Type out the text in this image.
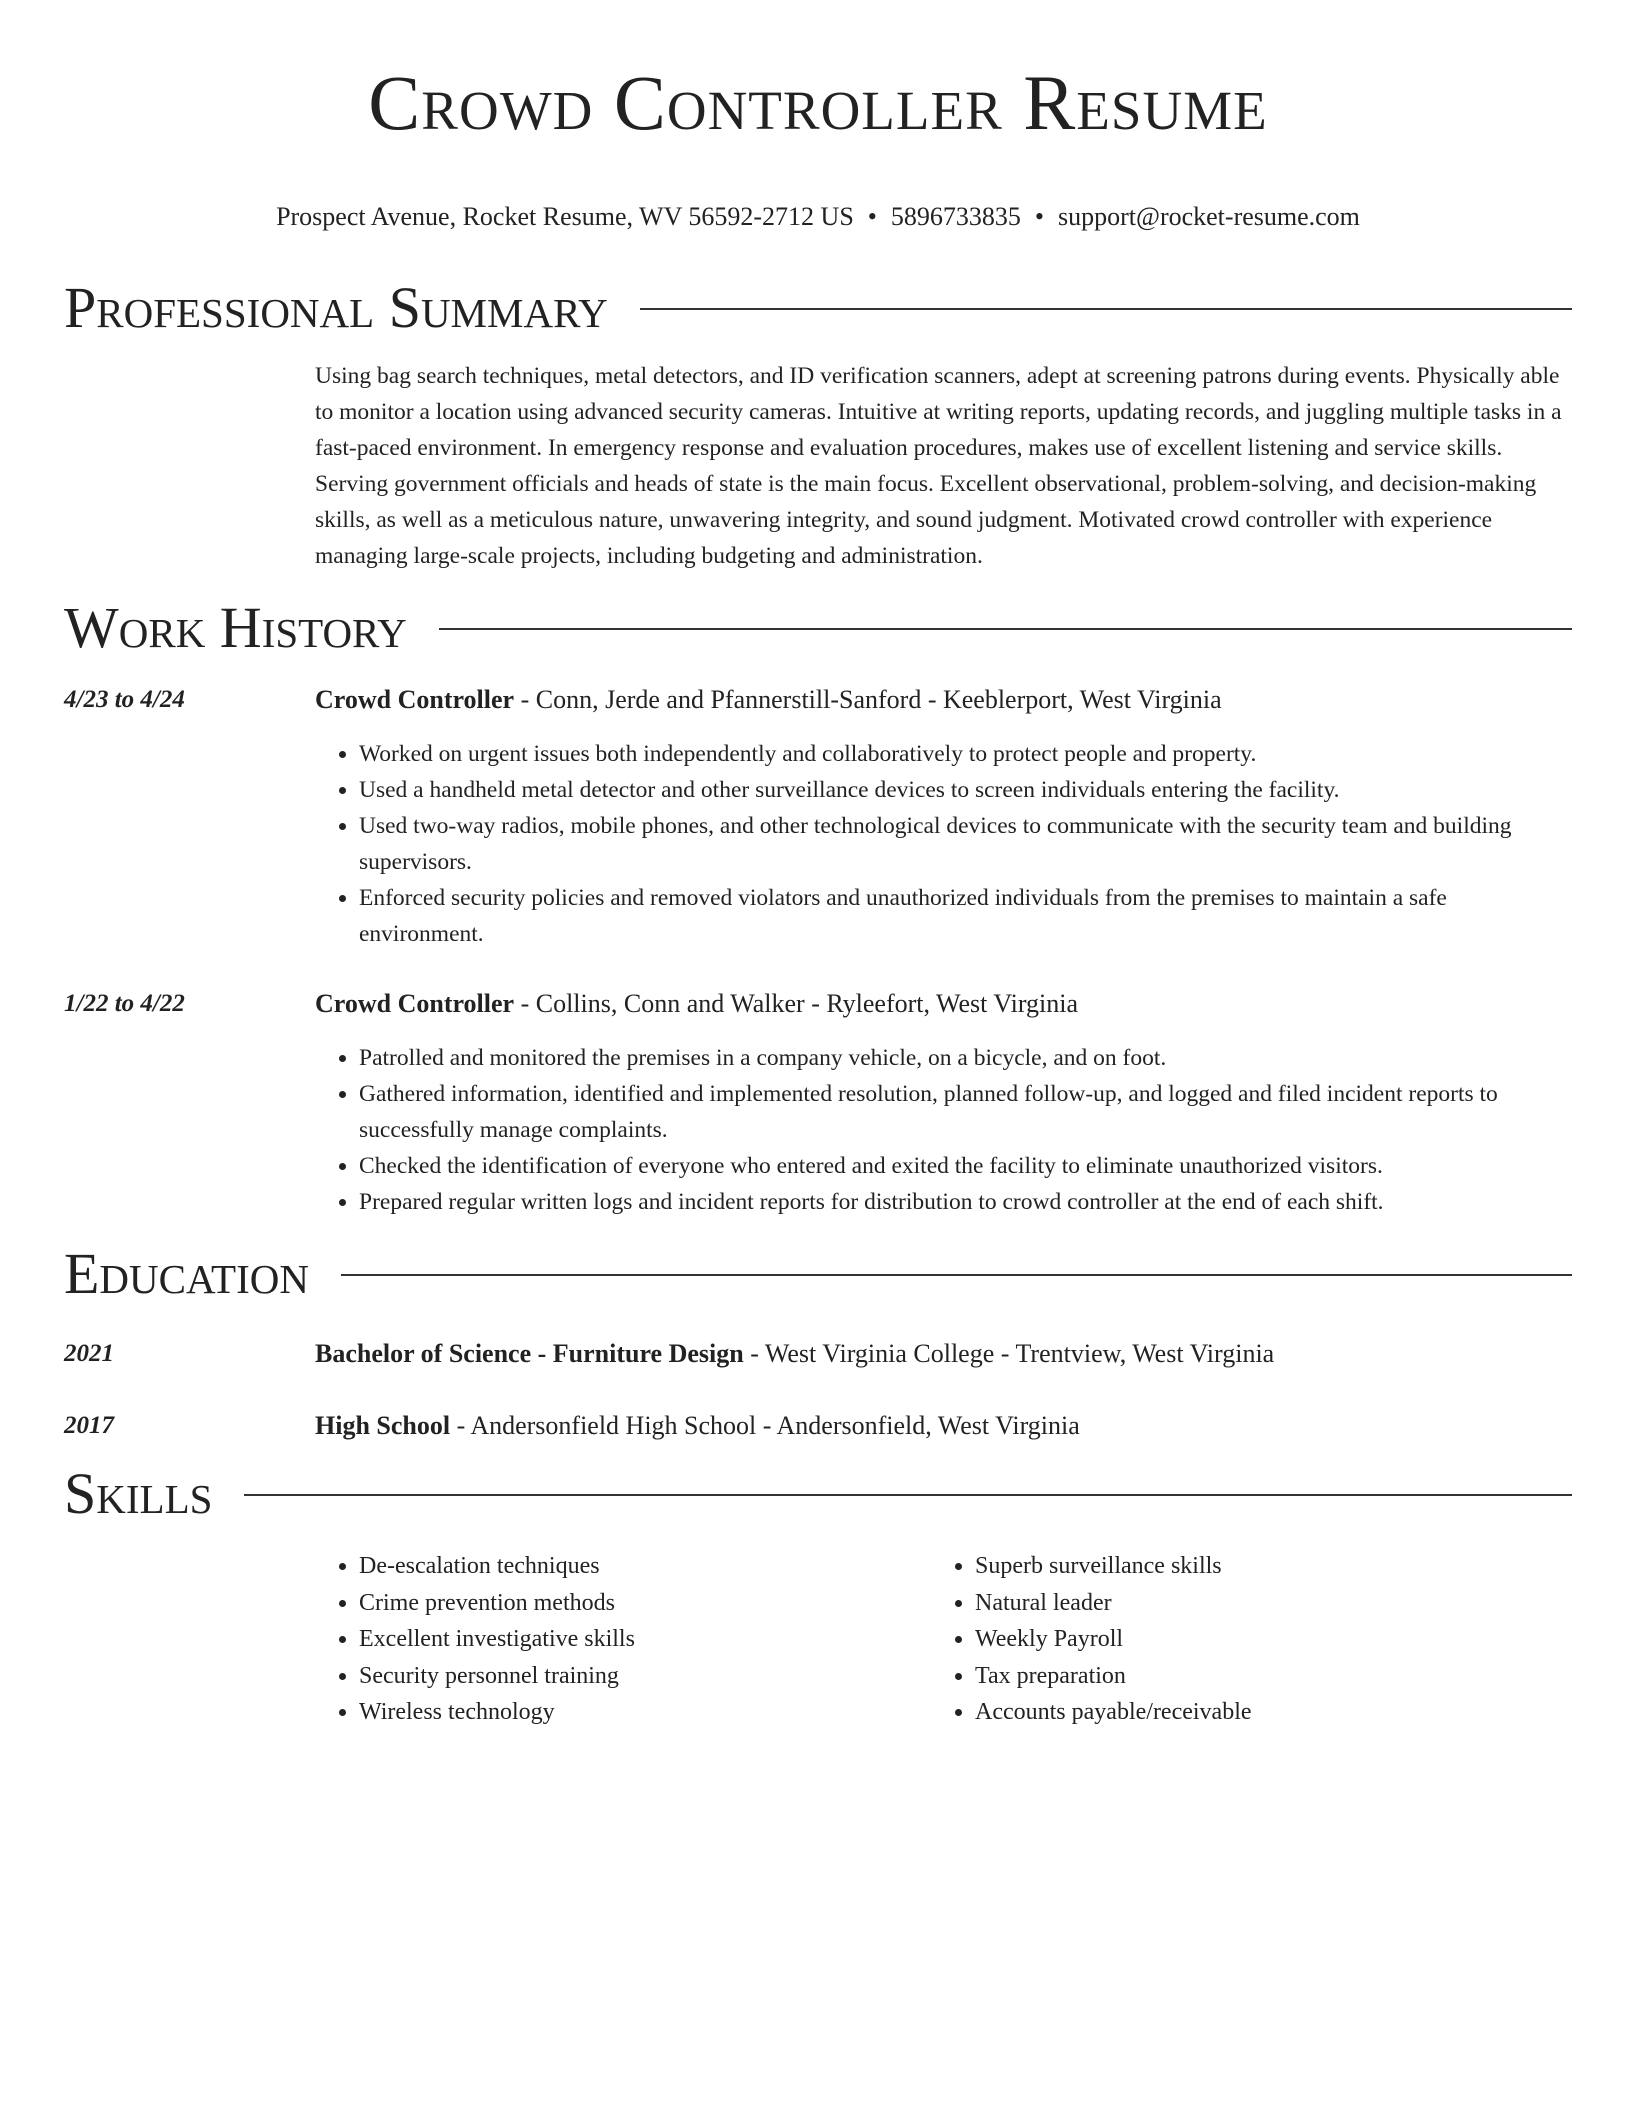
Crowd Controller Resume
Prospect Avenue, Rocket Resume, WV 56592-2712 US • 5896733835 • support@rocket-resume.com
Professional Summary
Using bag search techniques, metal detectors, and ID verification scanners, adept at screening patrons during events. Physically able to monitor a location using advanced security cameras. Intuitive at writing reports, updating records, and juggling multiple tasks in a fast-paced environment. In emergency response and evaluation procedures, makes use of excellent listening and service skills. Serving government officials and heads of state is the main focus. Excellent observational, problem-solving, and decision-making skills, as well as a meticulous nature, unwavering integrity, and sound judgment. Motivated crowd controller with experience managing large-scale projects, including budgeting and administration.
Work History
4/23 to 4/24	Crowd Controller - Conn, Jerde and Pfannerstill-Sanford - Keeblerport, West Virginia
• Worked on urgent issues both independently and collaboratively to protect people and property.
• Used a handheld metal detector and other surveillance devices to screen individuals entering the facility.
• Used two-way radios, mobile phones, and other technological devices to communicate with the security team and building supervisors.
• Enforced security policies and removed violators and unauthorized individuals from the premises to maintain a safe environment.
1/22 to 4/22	Crowd Controller - Collins, Conn and Walker - Ryleefort, West Virginia
• Patrolled and monitored the premises in a company vehicle, on a bicycle, and on foot.
• Gathered information, identified and implemented resolution, planned follow-up, and logged and filed incident reports to successfully manage complaints.
• Checked the identification of everyone who entered and exited the facility to eliminate unauthorized visitors.
• Prepared regular written logs and incident reports for distribution to crowd controller at the end of each shift.
Education
2021	Bachelor of Science - Furniture Design - West Virginia College - Trentview, West Virginia
2017	High School - Andersonfield High School - Andersonfield, West Virginia
Skills
• De-escalation techniques
• Crime prevention methods
• Excellent investigative skills
• Security personnel training
• Wireless technology
• Superb surveillance skills
• Natural leader
• Weekly Payroll
• Tax preparation
• Accounts payable/receivable
